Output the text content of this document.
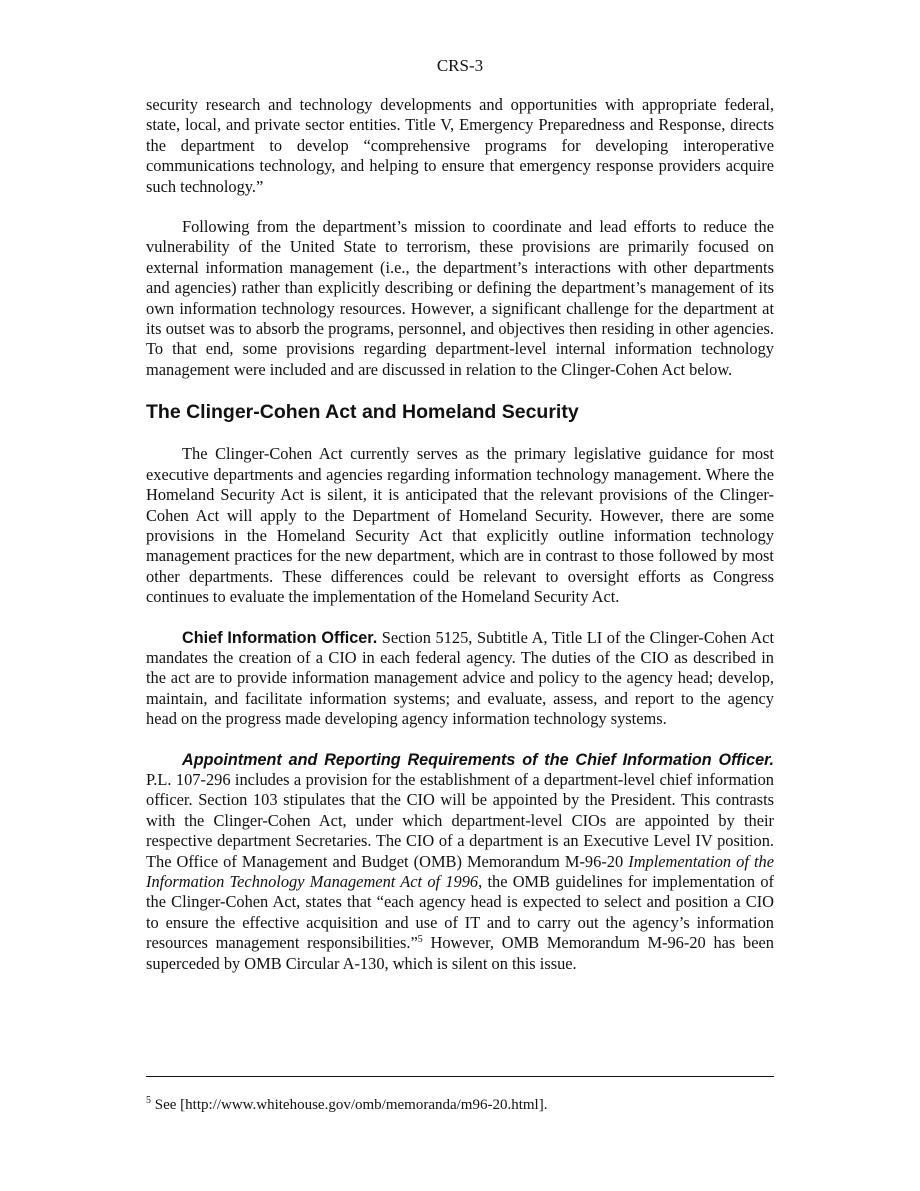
CRS-3

security research and technology developments and opportunities with appropriate federal, state, local, and private sector entities. Title V, Emergency Preparedness and Response, directs the department to develop “comprehensive programs for developing interoperative communications technology, and helping to ensure that emergency response providers acquire such technology.”

Following from the department’s mission to coordinate and lead efforts to reduce the vulnerability of the United State to terrorism, these provisions are primarily focused on external information management (i.e., the department’s interactions with other departments and agencies) rather than explicitly describing or defining the department’s management of its own information technology resources. However, a significant challenge for the department at its outset was to absorb the programs, personnel, and objectives then residing in other agencies. To that end, some provisions regarding department-level internal information technology management were included and are discussed in relation to the Clinger-Cohen Act below.

The Clinger-Cohen Act and Homeland Security

The Clinger-Cohen Act currently serves as the primary legislative guidance for most executive departments and agencies regarding information technology management. Where the Homeland Security Act is silent, it is anticipated that the relevant provisions of the Clinger-Cohen Act will apply to the Department of Homeland Security. However, there are some provisions in the Homeland Security Act that explicitly outline information technology management practices for the new department, which are in contrast to those followed by most other departments. These differences could be relevant to oversight efforts as Congress continues to evaluate the implementation of the Homeland Security Act.

Chief Information Officer. Section 5125, Subtitle A, Title LI of the Clinger-Cohen Act mandates the creation of a CIO in each federal agency. The duties of the CIO as described in the act are to provide information management advice and policy to the agency head; develop, maintain, and facilitate information systems; and evaluate, assess, and report to the agency head on the progress made developing agency information technology systems.

Appointment and Reporting Requirements of the Chief Information Officer. P.L. 107-296 includes a provision for the establishment of a department-level chief information officer. Section 103 stipulates that the CIO will be appointed by the President. This contrasts with the Clinger-Cohen Act, under which department-level CIOs are appointed by their respective department Secretaries. The CIO of a department is an Executive Level IV position. The Office of Management and Budget (OMB) Memorandum M-96-20 Implementation of the Information Technology Management Act of 1996, the OMB guidelines for implementation of the Clinger-Cohen Act, states that “each agency head is expected to select and position a CIO to ensure the effective acquisition and use of IT and to carry out the agency’s information resources management responsibilities.”$^5$ However, OMB Memorandum M-96-20 has been superceded by OMB Circular A-130, which is silent on this issue.

$^5$ See [http://www.whitehouse.gov/omb/memoranda/m96-20.html].
